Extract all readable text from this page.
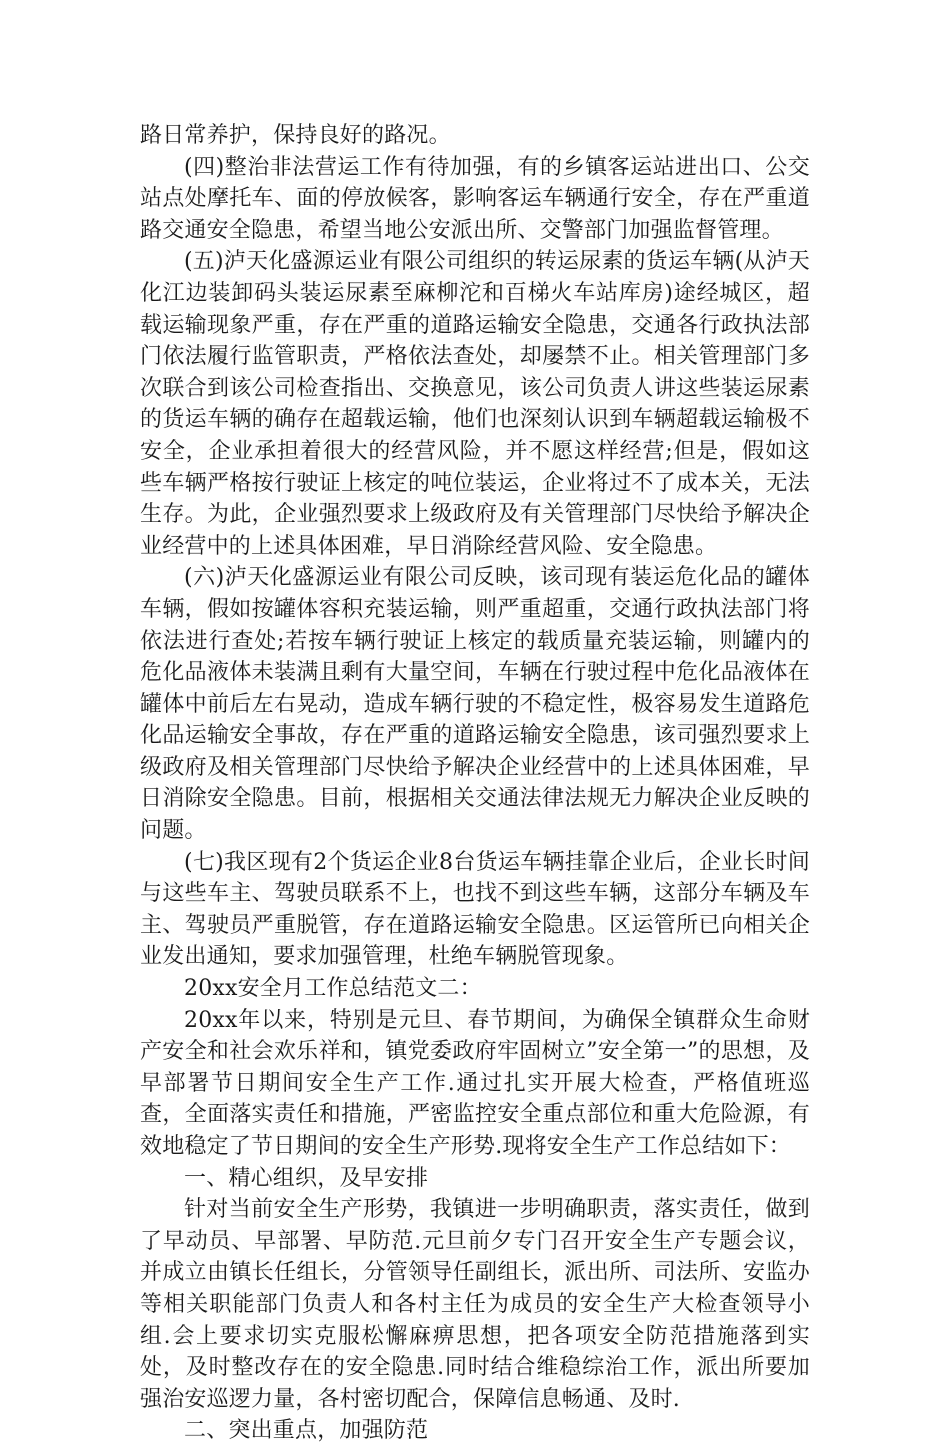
路日常养护，保持良好的路况。

(四)整治非法营运工作有待加强，有的乡镇客运站进出口、公交站点处摩托车、面的停放候客，影响客运车辆通行安全，存在严重道路交通安全隐患，希望当地公安派出所、交警部门加强监督管理。

(五)泸天化盛源运业有限公司组织的转运尿素的货运车辆(从泸天化江边装卸码头装运尿素至麻柳沱和百梯火车站库房)途经城区，超载运输现象严重，存在严重的道路运输安全隐患，交通各行政执法部门依法履行监管职责，严格依法查处，却屡禁不止。相关管理部门多次联合到该公司检查指出、交换意见，该公司负责人讲这些装运尿素的货运车辆的确存在超载运输，他们也深刻认识到车辆超载运输极不安全，企业承担着很大的经营风险，并不愿这样经营;但是，假如这些车辆严格按行驶证上核定的吨位装运，企业将过不了成本关，无法生存。为此，企业强烈要求上级政府及有关管理部门尽快给予解决企业经营中的上述具体困难，早日消除经营风险、安全隐患。

(六)泸天化盛源运业有限公司反映，该司现有装运危化品的罐体车辆，假如按罐体容积充装运输，则严重超重，交通行政执法部门将依法进行查处;若按车辆行驶证上核定的载质量充装运输，则罐内的危化品液体未装满且剩有大量空间，车辆在行驶过程中危化品液体在罐体中前后左右晃动，造成车辆行驶的不稳定性，极容易发生道路危化品运输安全事故，存在严重的道路运输安全隐患，该司强烈要求上级政府及相关管理部门尽快给予解决企业经营中的上述具体困难，早日消除安全隐患。目前，根据相关交通法律法规无力解决企业反映的问题。

(七)我区现有2个货运企业8台货运车辆挂靠企业后，企业长时间与这些车主、驾驶员联系不上，也找不到这些车辆，这部分车辆及车主、驾驶员严重脱管，存在道路运输安全隐患。区运管所已向相关企业发出通知，要求加强管理，杜绝车辆脱管现象。

20xx安全月工作总结范文二：

20xx年以来，特别是元旦、春节期间，为确保全镇群众生命财产安全和社会欢乐祥和，镇党委政府牢固树立”安全第一”的思想，及早部署节日期间安全生产工作.通过扎实开展大检查，严格值班巡查，全面落实责任和措施，严密监控安全重点部位和重大危险源，有效地稳定了节日期间的安全生产形势.现将安全生产工作总结如下：

一、精心组织，及早安排

针对当前安全生产形势，我镇进一步明确职责，落实责任，做到了早动员、早部署、早防范.元旦前夕专门召开安全生产专题会议，并成立由镇长任组长，分管领导任副组长，派出所、司法所、安监办等相关职能部门负责人和各村主任为成员的安全生产大检查领导小组.会上要求切实克服松懈麻痹思想，把各项安全防范措施落到实处，及时整改存在的安全隐患.同时结合维稳综治工作，派出所要加强治安巡逻力量，各村密切配合，保障信息畅通、及时.

二、突出重点，加强防范
